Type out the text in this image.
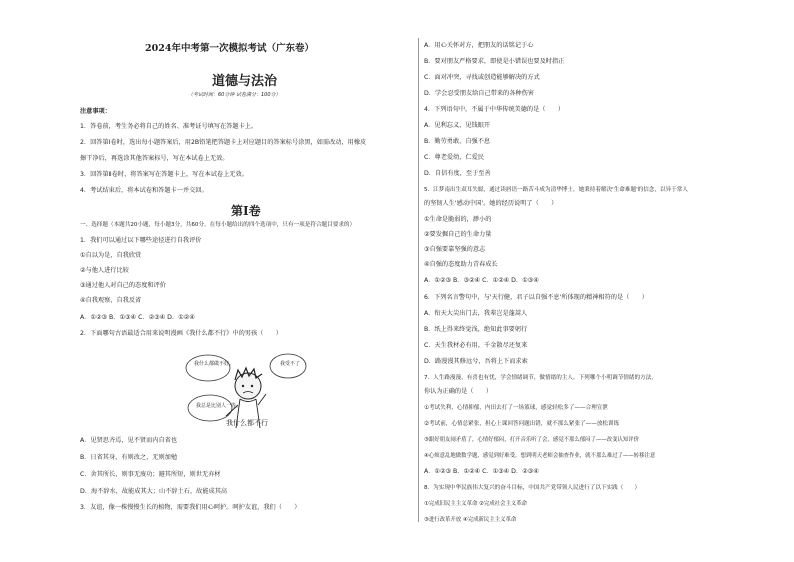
2024年中考第一次模拟考试（广东卷）
道德与法治
（考试时间：60分钟 试卷满分：100分）
注意事项：
1．答卷前，考生务必将自己的姓名、准考证号填写在答题卡上。
2．回答第Ⅰ卷时，选出每小题答案后，用2B铅笔把答题卡上对应题目的答案标号涂黑，如需改动，用橡皮
擦干净后，再选涂其他答案标号，写在本试卷上无效。
3．回答第Ⅱ卷时，将答案写在答题卡上，写在本试卷上无效。
4．考试结束后，将本试卷和答题卡一并交回。
第Ⅰ卷
一、选择题（本题共20小题，每小题3分，共60分。在每小题给出的四个选项中，只有一项是符合题目要求的）
1．我们可以通过以下哪些途径进行自我评价
①自以为是，自我欣赏
②与他人进行比较
③通过他人对自己的态度和评价
④自我观察，自我反省
A．①②③ B．①③④ C．②③④ D．①②④
2．下面哪句古语最适合用来说明漫画《我什么都不行》中的男孩（　　）
我什么都做不好。	我受不了
我总是比别人一等。
我什么都不行
A．见贤思齐焉，见不贤而内自省也
B．日省其身，有则改之，无则加勉
C．舍其所长，则事无废功；避其所短，则世无弃材
D．海不辞水，故能成其大；山不辞土石，故能成其高
3．友谊，像一株慢慢生长的植物，需要我们用心呵护。呵护友谊，我们（　　）
A．用心关怀对方，把朋友的话铭记于心
B．要对朋友严格要求，即使是小错误也要及时指正
C．面对冲突，寻找或创造能够解决的方式
D．学会忍受朋友给自己带来的各种伤害
4．下列语句中，不属于中华传统美德的是（　　）
A．见利忘义，见钱眼开
B．勤劳勇敢，自强不息
C．尊老爱幼，仁爱民
D．自信有度，至于至善
5．江梦南出生双耳失聪，通过读唇语一路苦斗成为清华博士，她秉持着解决'生命难题'的信念，以异于常人
的坚韧人生'感动中国'。她的经历说明了（　　）
①生命是脆弱的，渺小的
②要发掘自己的生命力量
③自强要靠坚强的意志
④自强的态度助力青春成长
A．①②③ B．③②④ C．①②④ D．①③④
6．下列名言警句中，与'天行健，君子以自强不息'所体现的精神相符的是（　　）
A．衔天大尖出门去，我辈岂是蓬蒿人
B．纸上得来终觉浅，绝知此事要躬行
C．天生我材必有用，千金散尽还复来
D．路漫漫其修远兮，吾将上下而求索
7．人生路漫漫，有喜也有忧，学会情绪调节，做情绪的主人。下列哪个小明调节情绪的方法，
你认为正确的是（　　）
①考试失利，心情抑郁，内田去打了一场篮球，感觉轻松多了——合理宣泄
②考试前，心情总紧张，担心上课回答问题出错，就不那么紧张了——放松训练
③跟好朋友闹矛盾了，心情好郁闷，打开音乐听了会，感觉不那么郁闷了——改变认知评价
④心烦意乱地做数学题，感觉到好难受，想到明天老师会抽查作业，就不那么难过了——转移注意
A．①②③ B．①②④ C．①③④ D．②③④
8．为实现中华民族伟大复兴的奋斗目标，中国共产党带领人民进行了以下实践（　　）
①完成旧民主主义革命 ②完成社会主义革命
③进行改革开放 ④完成新民主主义革命
